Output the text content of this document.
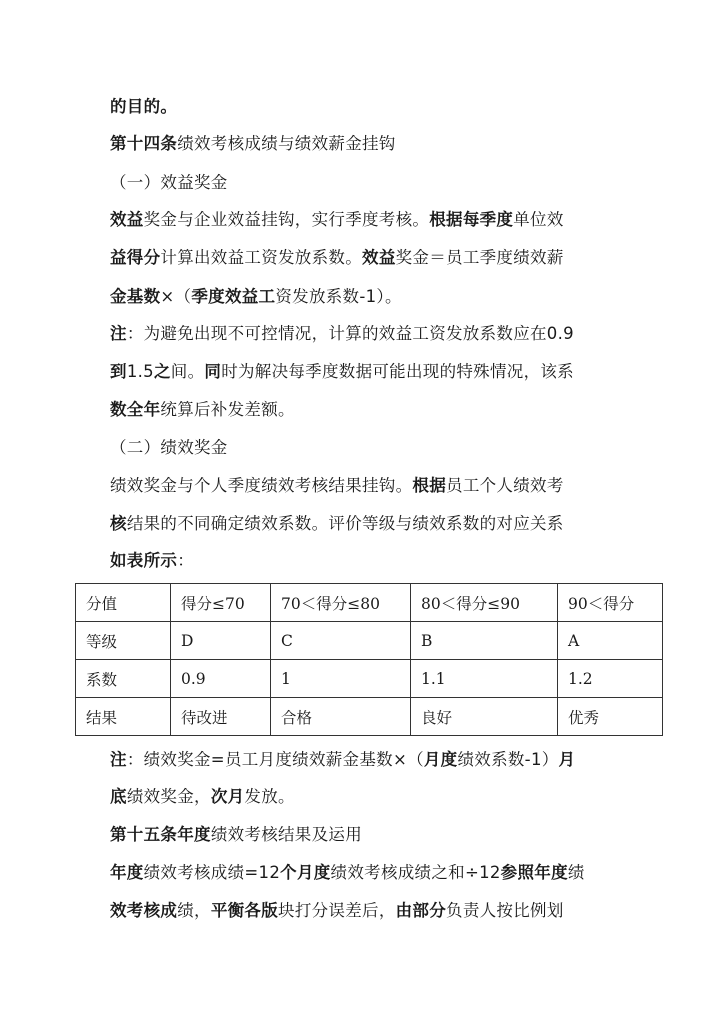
的目的。
第十四条绩效考核成绩与绩效薪金挂钩
（一）效益奖金
效益奖金与企业效益挂钩，实行季度考核。根据每季度单位效
益得分计算出效益工资发放系数。效益奖金＝员工季度绩效薪
金基数×（季度效益工资发放系数-1）。
注：为避免出现不可控情况，计算的效益工资发放系数应在0.9
到1.5之间。同时为解决每季度数据可能出现的特殊情况，该系
数全年统算后补发差额。
（二）绩效奖金
绩效奖金与个人季度绩效考核结果挂钩。根据员工个人绩效考
核结果的不同确定绩效系数。评价等级与绩效系数的对应关系
如表所示：
分值	得分≤70	70＜得分≤80	80＜得分≤90	90＜得分
等级	D	C	B	A
系数	0.9	1	1.1	1.2
结果	待改进	合格	良好	优秀
注：绩效奖金=员工月度绩效薪金基数×（月度绩效系数-1）月
底绩效奖金，次月发放。
第十五条年度绩效考核结果及运用
年度绩效考核成绩=12个月度绩效考核成绩之和÷12参照年度绩
效考核成绩，平衡各版块打分误差后，由部分负责人按比例划
